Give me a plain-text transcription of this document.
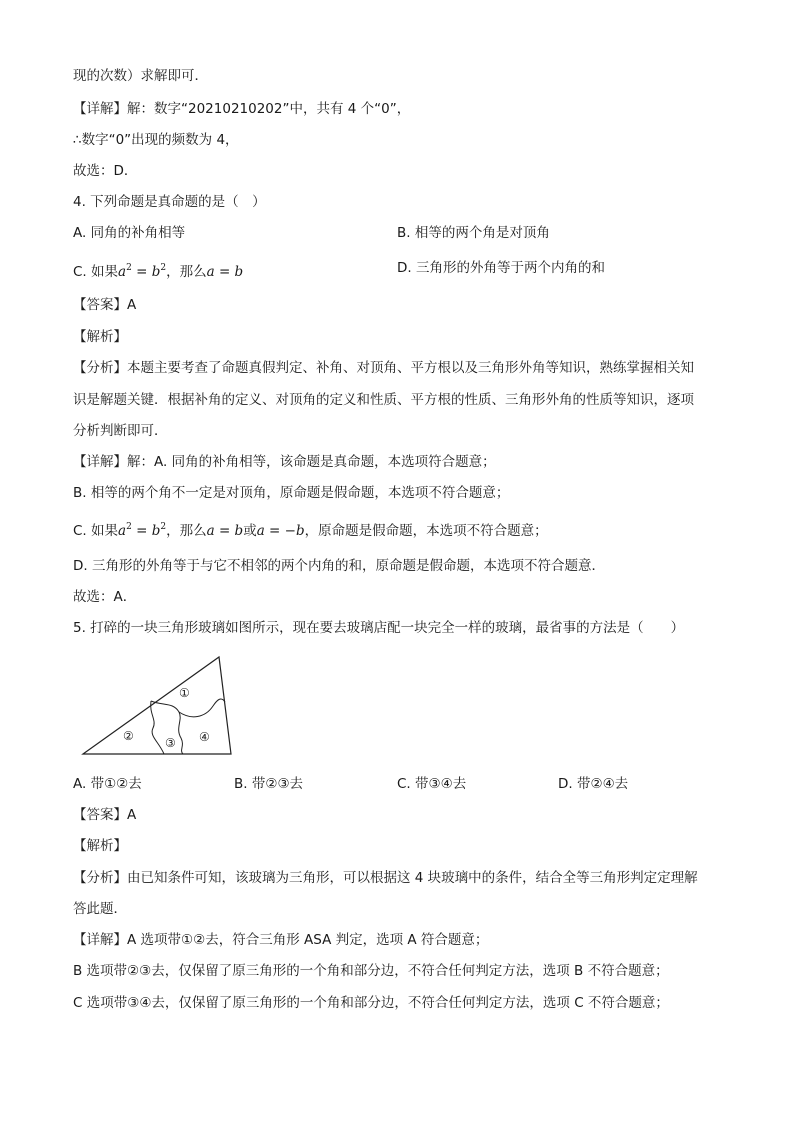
现的次数）求解即可．

【详解】解：数字“20210210202”中，共有 4 个“0”，

∴数字“0”出现的频数为 4，

故选：D．

4. 下列命题是真命题的是（　）

A. 同角的补角相等	B. 相等的两个角是对顶角

C. 如果$a^2 = b^2$，那么a = b	D. 三角形的外角等于两个内角的和

【答案】A

【解析】

【分析】本题主要考查了命题真假判定、补角、对顶角、平方根以及三角形外角等知识，熟练掌握相关知

识是解题关键．根据补角的定义、对顶角的定义和性质、平方根的性质、三角形外角的性质等知识，逐项

分析判断即可．

【详解】解：A. 同角的补角相等，该命题是真命题，本选项符合题意；

B. 相等的两个角不一定是对顶角，原命题是假命题，本选项不符合题意；

C. 如果$a^2 = b^2$，那么a = b或a = −b，原命题是假命题，本选项不符合题意；

D. 三角形的外角等于与它不相邻的两个内角的和，原命题是假命题，本选项不符合题意．

故选：A．

5. 打碎的一块三角形玻璃如图所示，现在要去玻璃店配一块完全一样的玻璃，最省事的方法是（　　）

①
②	③ ④

A. 带①②去	B. 带②③去	C. 带③④去	D. 带②④去

【答案】A

【解析】

【分析】由已知条件可知，该玻璃为三角形，可以根据这 4 块玻璃中的条件，结合全等三角形判定定理解

答此题．

【详解】A 选项带①②去，符合三角形 ASA 判定，选项 A 符合题意；

B 选项带②③去，仅保留了原三角形的一个角和部分边，不符合任何判定方法，选项 B 不符合题意；

C 选项带③④去，仅保留了原三角形的一个角和部分边，不符合任何判定方法，选项 C 不符合题意；
